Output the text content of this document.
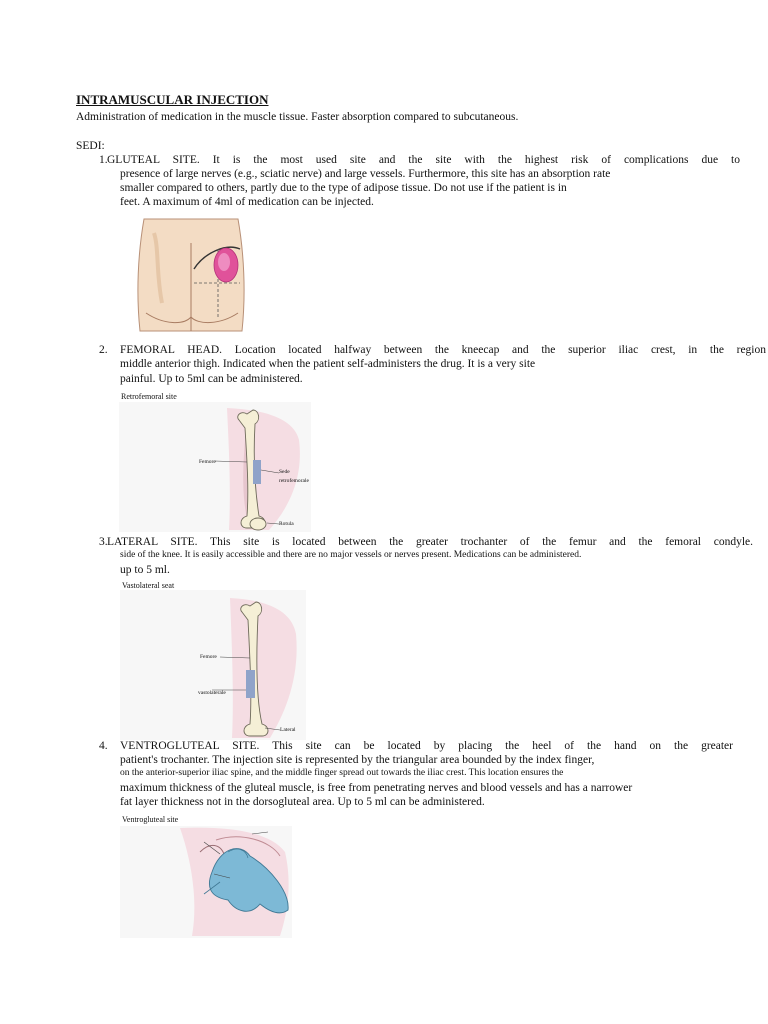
INTRAMUSCULAR INJECTION
Administration of medication in the muscle tissue. Faster absorption compared to subcutaneous.
SEDI:
1. GLUTEAL SITE. It is the most used site and the site with the highest risk of complications due to
presence of large nerves (e.g., sciatic nerve) and large vessels. Furthermore, this site has an absorption rate
smaller compared to others, partly due to the type of adipose tissue. Do not use if the patient is in
feet. A maximum of 4ml of medication can be injected.
2. FEMORAL HEAD. Location located halfway between the kneecap and the superior iliac crest, in the region
middle anterior thigh. Indicated when the patient self-administers the drug. It is a very site
painful. Up to 5ml can be administered.
Retrofemoral site
Femore
Sede retrofemorale
Rotula
3. LATERAL SITE. This site is located between the greater trochanter of the femur and the femoral condyle.
side of the knee. It is easily accessible and there are no major vessels or nerves present. Medications can be administered.
up to 5 ml.
Vastolateral seat
Femore
vastolaterale
Lateral
4. VENTROGLUTEAL SITE. This site can be located by placing the heel of the hand on the greater
patient's trochanter. The injection site is represented by the triangular area bounded by the index finger,
on the anterior-superior iliac spine, and the middle finger spread out towards the iliac crest. This location ensures the
maximum thickness of the gluteal muscle, is free from penetrating nerves and blood vessels and has a narrower
fat layer thickness not in the dorsogluteal area. Up to 5 ml can be administered.
Ventrogluteal site
